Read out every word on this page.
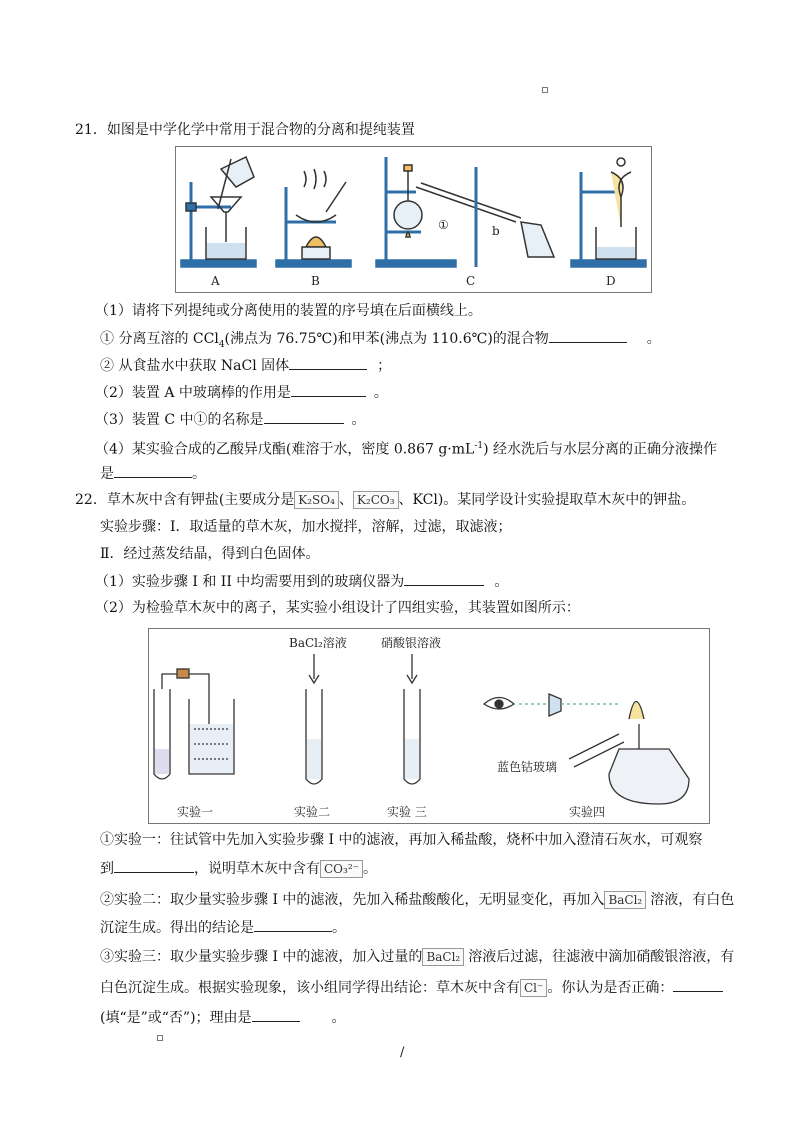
/
21．如图是中学化学中常用于混合物的分离和提纯装置
①	b
A	B	C	D
（1）请将下列提纯或分离使用的装置的序号填在后面横线上。
① 分离互溶的 CCl$_4$(沸点为 76.75℃)和甲苯(沸点为 110.6℃)的混合物	。
② 从食盐水中获取 NaCl 固体	；
（2）装置 A 中玻璃棒的作用是	。
（3）装置 C 中①的名称是	。
（4）某实验合成的乙酸异戊酯(难溶于水，密度 0.867 $g\cdot mL^{-1}$) 经水洗后与水层分离的正确分液操作
是	。
22．草木灰中含有钾盐(主要成分是 K₂SO₄ 、 K₂CO₃ 、KCl)。某同学设计实验提取草木灰中的钾盐。
实验步骤：I．取适量的草木灰，加水搅拌，溶解，过滤，取滤液；
Ⅱ．经过蒸发结晶，得到白色固体。
（1）实验步骤 I 和 II 中均需要用到的玻璃仪器为	。
（2）为检验草木灰中的离子，某实验小组设计了四组实验，其装置如图所示：
BaCl₂溶液	硝酸银溶液
蓝色钴玻璃
实验一	实验二	实验 三	实验四
①实验一：往试管中先加入实验步骤 I 中的滤液，再加入稀盐酸，烧杯中加入澄清石灰水，可观察
到	，说明草木灰中含有 CO₃²⁻ 。
②实验二：取少量实验步骤 I 中的滤液，先加入稀盐酸酸化，无明显变化，再加入 BaCl₂ 溶液，有白色
沉淀生成。得出的结论是	。
③实验三：取少量实验步骤 I 中的滤液，加入过量的 BaCl₂ 溶液后过滤，往滤液中滴加硝酸银溶液，有
白色沉淀生成。根据实验现象，该小组同学得出结论：草木灰中含有 Cl⁻ 。你认为是否正确：
(填“是”或“否”)；理由是	。
